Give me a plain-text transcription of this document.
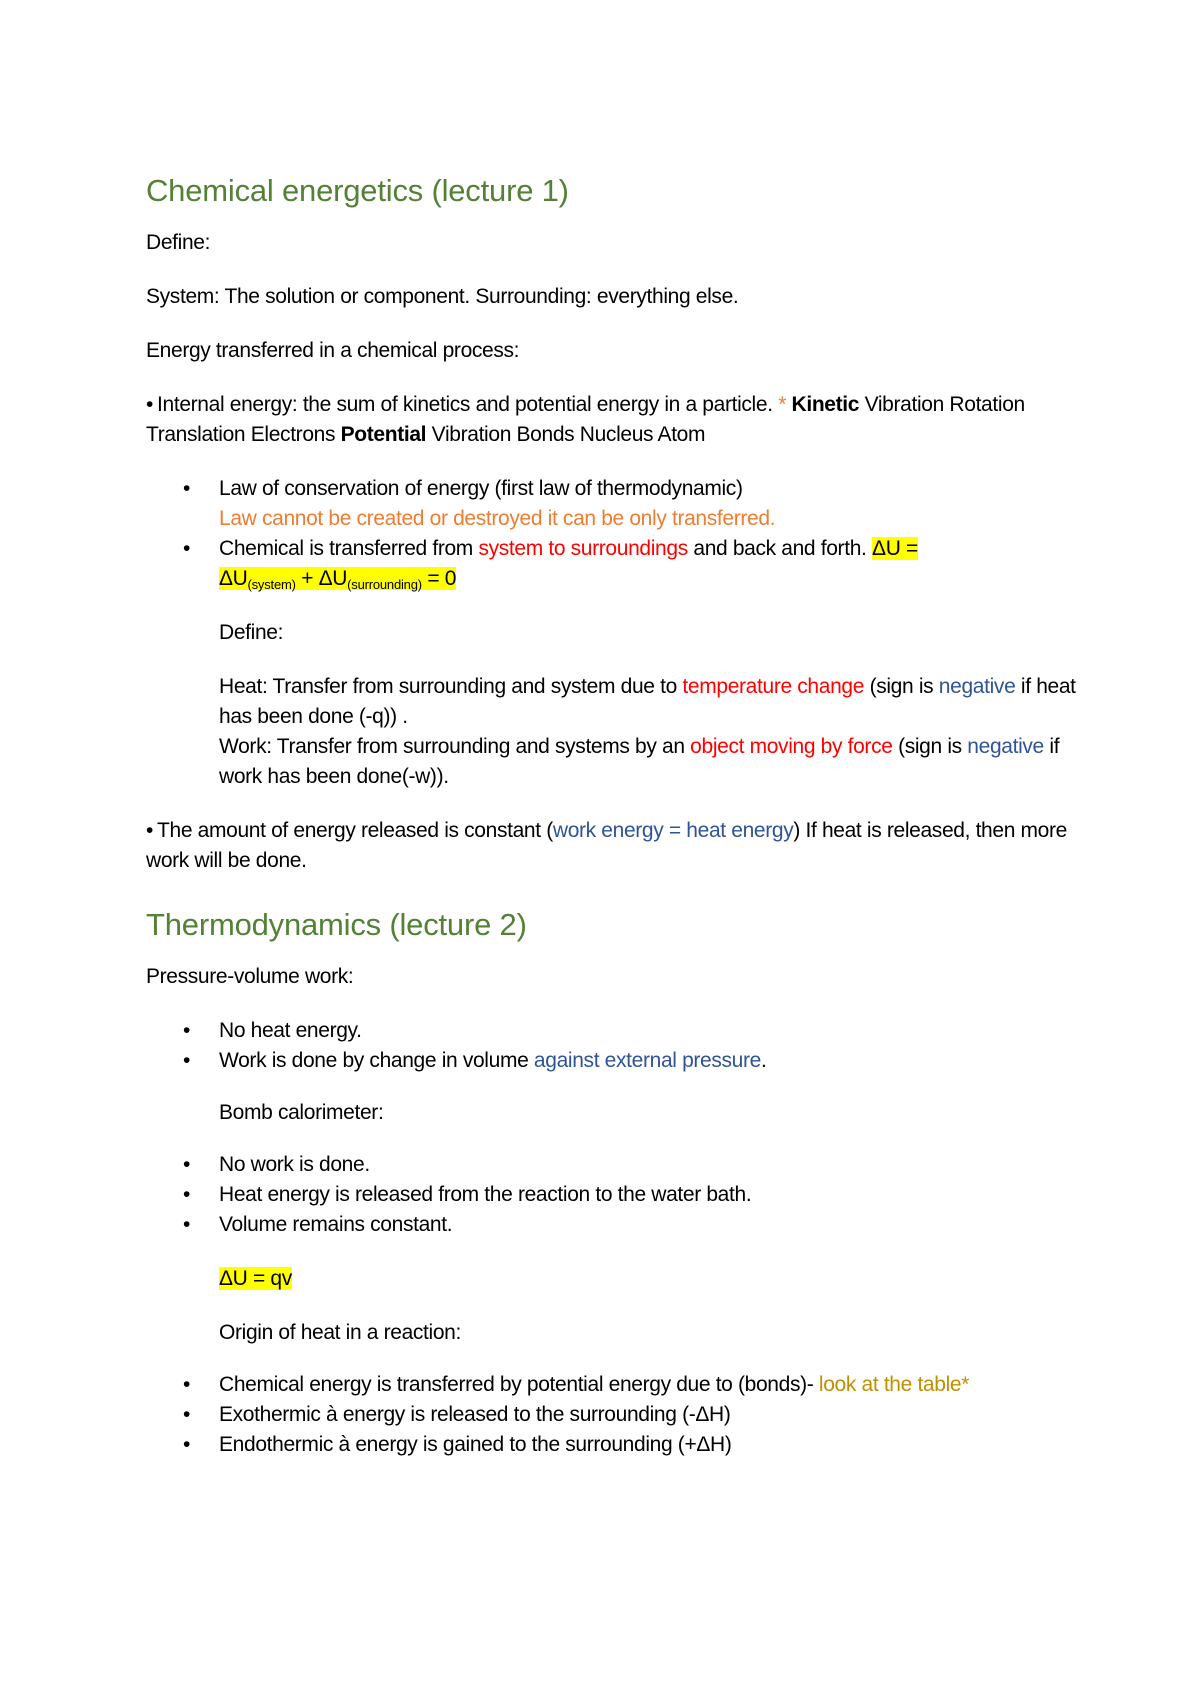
Chemical energetics (lecture 1)

Define:

System: The solution or component. Surrounding: everything else.

Energy transferred in a chemical process:

• Internal energy: the sum of kinetics and potential energy in a particle. * Kinetic Vibration Rotation Translation Electrons Potential Vibration Bonds Nucleus Atom

• Law of conservation of energy (first law of thermodynamic)
Law cannot be created or destroyed it can be only transferred.
• Chemical is transferred from system to surroundings and back and forth. ΔU =
$\Delta U_{(system)} + \Delta U_{(surrounding)} = 0$

Define:

Heat: Transfer from surrounding and system due to temperature change (sign is negative if heat has been done (-q)) .

Work: Transfer from surrounding and systems by an object moving by force (sign is negative if work has been done(-w)).

• The amount of energy released is constant (work energy = heat energy) If heat is released, then more work will be done.

Thermodynamics (lecture 2)

Pressure-volume work:

• No heat energy.
• Work is done by change in volume against external pressure.

Bomb calorimeter:

• No work is done.
• Heat energy is released from the reaction to the water bath.
• Volume remains constant.

ΔU = qv

Origin of heat in a reaction:

• Chemical energy is transferred by potential energy due to (bonds)- look at the table*
• Exothermic à energy is released to the surrounding (-ΔH)
• Endothermic à energy is gained to the surrounding (+ΔH)
